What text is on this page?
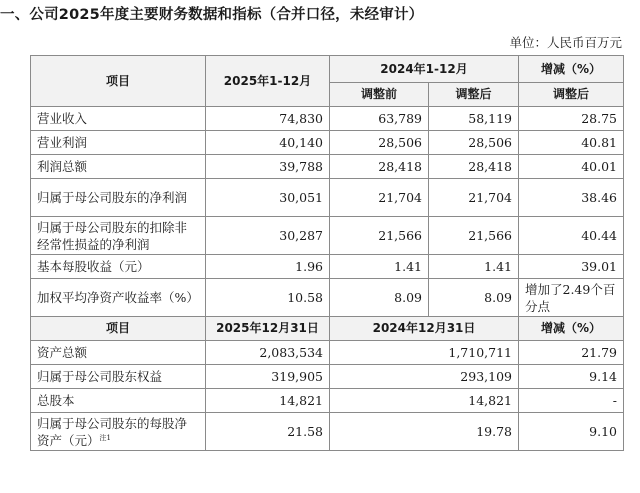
一、公司2025年度主要财务数据和指标（合并口径，未经审计）
单位：人民币百万元
项目	2025年1-12月	2024年1-12月		增减（%）
		调整前	调整后	调整后
营业收入	74,830	63,789	58,119	28.75
营业利润	40,140	28,506	28,506	40.81
利润总额	39,788	28,418	28,418	40.01
归属于母公司股东的净利润	30,051	21,704	21,704	38.46
归属于母公司股东的扣除非经常性损益的净利润	30,287	21,566	21,566	40.44
基本每股收益（元）	1.96	1.41	1.41	39.01
加权平均净资产收益率（%）	10.58	8.09	8.09	增加了2.49个百分点
项目	2025年12月31日	2024年12月31日		增减（%）
资产总额	2,083,534	1,710,711		21.79
归属于母公司股东权益	319,905	293,109		9.14
总股本	14,821	14,821		-
归属于母公司股东的每股净资产（元）$^{注1}$	21.58	19.78		9.10
